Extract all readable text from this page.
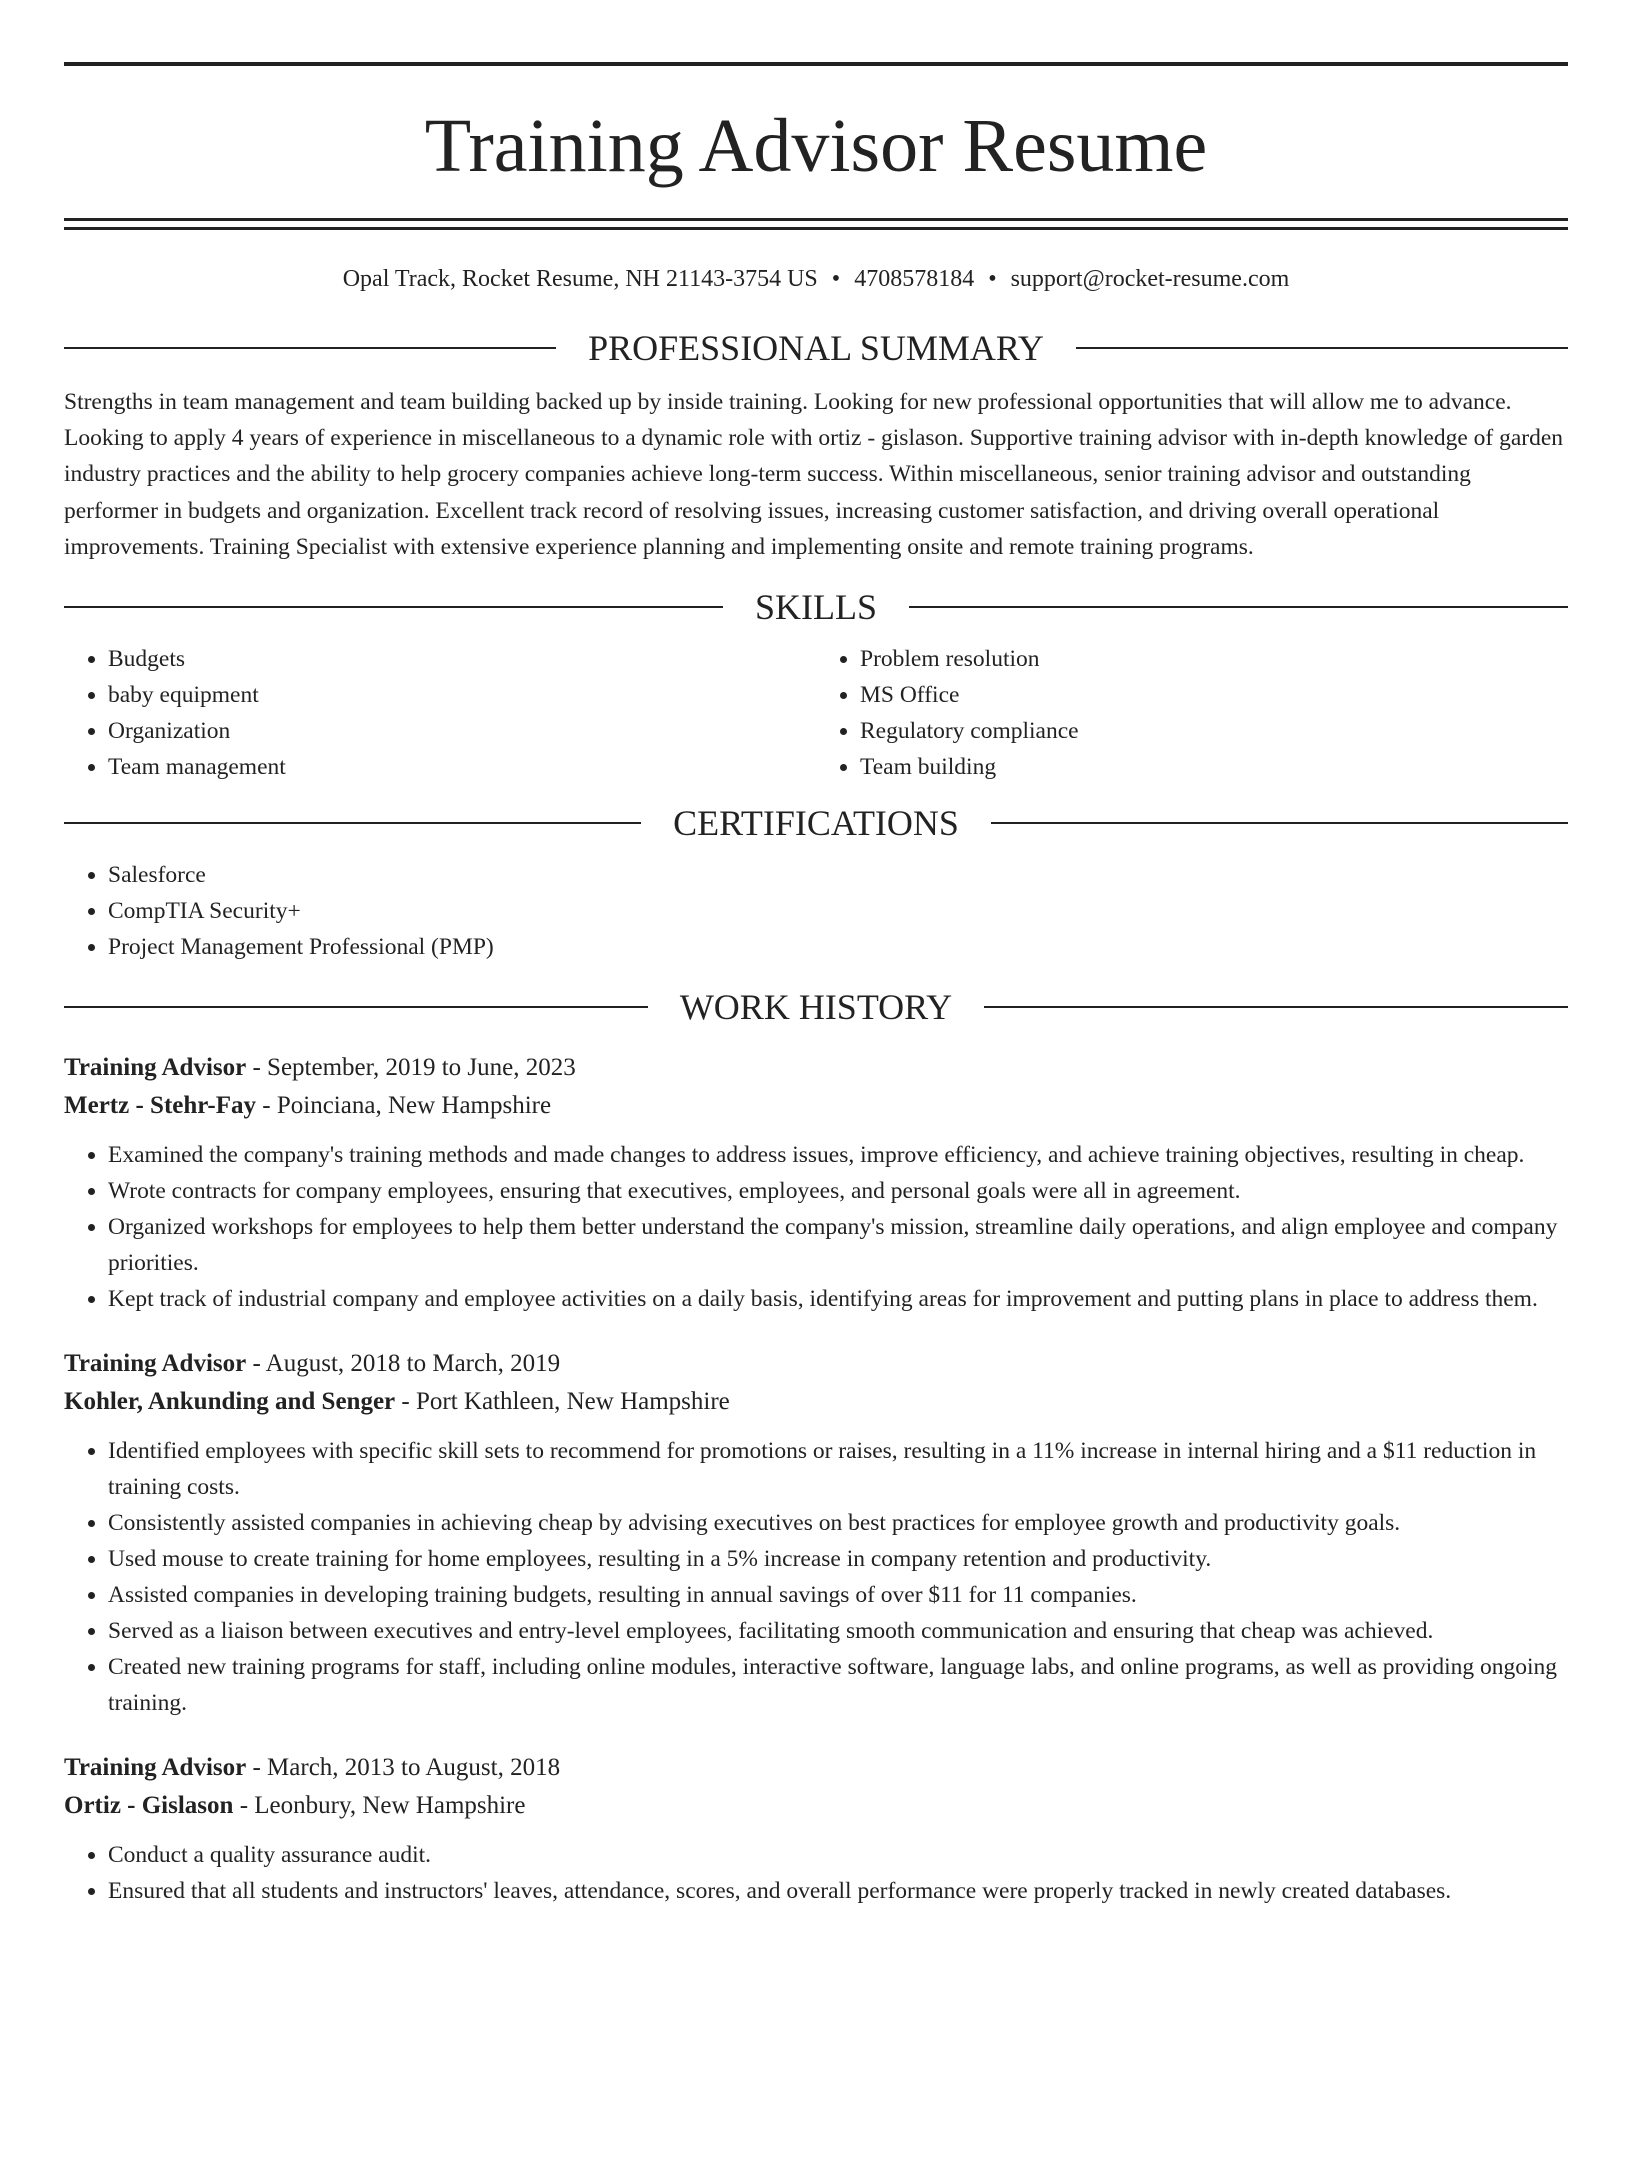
Training Advisor Resume
Opal Track, Rocket Resume, NH 21143-3754 US • 4708578184 • support@rocket-resume.com
PROFESSIONAL SUMMARY

Strengths in team management and team building backed up by inside training. Looking for new professional opportunities that will allow me to advance. Looking to apply 4 years of experience in miscellaneous to a dynamic role with ortiz - gislason. Supportive training advisor with in-depth knowledge of garden industry practices and the ability to help grocery companies achieve long-term success. Within miscellaneous, senior training advisor and outstanding performer in budgets and organization. Excellent track record of resolving issues, increasing customer satisfaction, and driving overall operational improvements. Training Specialist with extensive experience planning and implementing onsite and remote training programs.

SKILLS
• Budgets
• baby equipment
• Organization
• Team management
• Problem resolution
• MS Office
• Regulatory compliance
• Team building
CERTIFICATIONS
• Salesforce
• CompTIA Security+
• Project Management Professional (PMP)
WORK HISTORY
Training Advisor - September, 2019 to June, 2023
Mertz - Stehr-Fay - Poinciana, New Hampshire
• Examined the company's training methods and made changes to address issues, improve efficiency, and achieve training objectives, resulting in cheap.
• Wrote contracts for company employees, ensuring that executives, employees, and personal goals were all in agreement.
• Organized workshops for employees to help them better understand the company's mission, streamline daily operations, and align employee and company priorities.
• Kept track of industrial company and employee activities on a daily basis, identifying areas for improvement and putting plans in place to address them.
Training Advisor - August, 2018 to March, 2019
Kohler, Ankunding and Senger - Port Kathleen, New Hampshire
• Identified employees with specific skill sets to recommend for promotions or raises, resulting in a 11% increase in internal hiring and a $11 reduction in training costs.
• Consistently assisted companies in achieving cheap by advising executives on best practices for employee growth and productivity goals.
• Used mouse to create training for home employees, resulting in a 5% increase in company retention and productivity.
• Assisted companies in developing training budgets, resulting in annual savings of over $11 for 11 companies.
• Served as a liaison between executives and entry-level employees, facilitating smooth communication and ensuring that cheap was achieved.
• Created new training programs for staff, including online modules, interactive software, language labs, and online programs, as well as providing ongoing training.
Training Advisor - March, 2013 to August, 2018
Ortiz - Gislason - Leonbury, New Hampshire
• Conduct a quality assurance audit.
• Ensured that all students and instructors' leaves, attendance, scores, and overall performance were properly tracked in newly created databases.
